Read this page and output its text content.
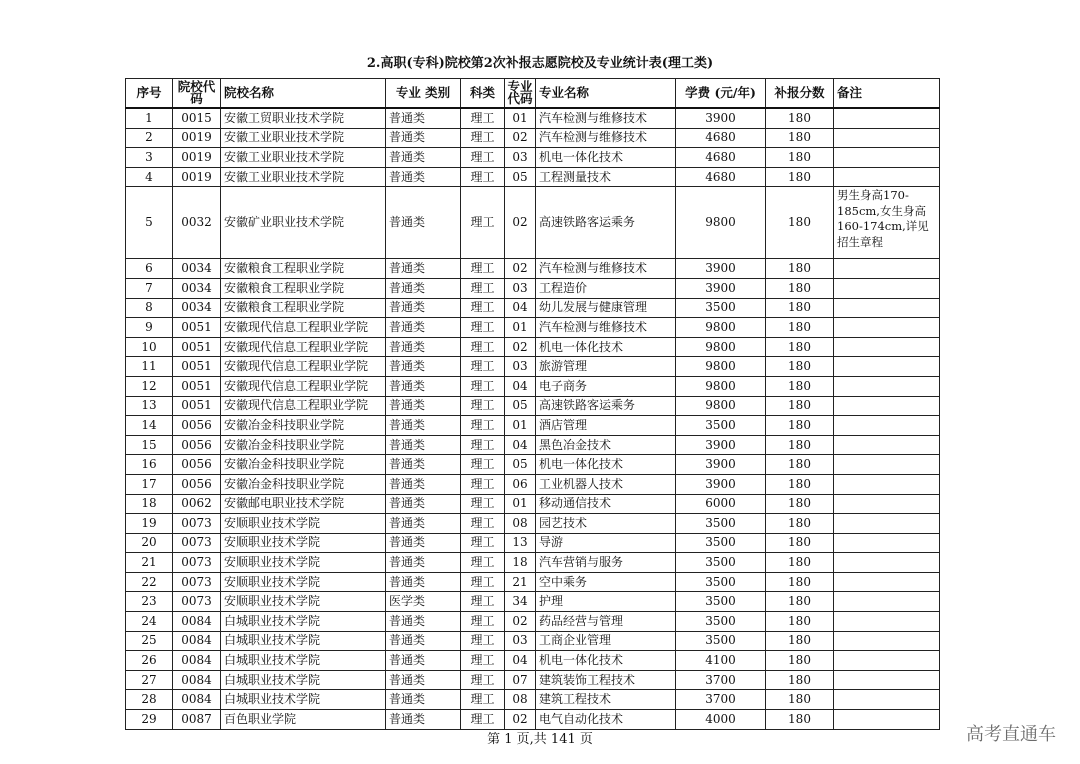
2.高职(专科)院校第2次补报志愿院校及专业统计表(理工类)
序号	院校代码	院校名称	专业 类别	科类	专业代码	专业名称	学费 (元/年)	补报分数	备注
1	0015	安徽工贸职业技术学院	普通类	理工	01	汽车检测与维修技术	3900	180	
2	0019	安徽工业职业技术学院	普通类	理工	02	汽车检测与维修技术	4680	180	
3	0019	安徽工业职业技术学院	普通类	理工	03	机电一体化技术	4680	180	
4	0019	安徽工业职业技术学院	普通类	理工	05	工程测量技术	4680	180	
5	0032	安徽矿业职业技术学院	普通类	理工	02	高速铁路客运乘务	9800	180	男生身高170-185cm,女生身高160-174cm,详见招生章程
6	0034	安徽粮食工程职业学院	普通类	理工	02	汽车检测与维修技术	3900	180	
7	0034	安徽粮食工程职业学院	普通类	理工	03	工程造价	3900	180	
8	0034	安徽粮食工程职业学院	普通类	理工	04	幼儿发展与健康管理	3500	180	
9	0051	安徽现代信息工程职业学院	普通类	理工	01	汽车检测与维修技术	9800	180	
10	0051	安徽现代信息工程职业学院	普通类	理工	02	机电一体化技术	9800	180	
11	0051	安徽现代信息工程职业学院	普通类	理工	03	旅游管理	9800	180	
12	0051	安徽现代信息工程职业学院	普通类	理工	04	电子商务	9800	180	
13	0051	安徽现代信息工程职业学院	普通类	理工	05	高速铁路客运乘务	9800	180	
14	0056	安徽冶金科技职业学院	普通类	理工	01	酒店管理	3500	180	
15	0056	安徽冶金科技职业学院	普通类	理工	04	黑色冶金技术	3900	180	
16	0056	安徽冶金科技职业学院	普通类	理工	05	机电一体化技术	3900	180	
17	0056	安徽冶金科技职业学院	普通类	理工	06	工业机器人技术	3900	180	
18	0062	安徽邮电职业技术学院	普通类	理工	01	移动通信技术	6000	180	
19	0073	安顺职业技术学院	普通类	理工	08	园艺技术	3500	180	
20	0073	安顺职业技术学院	普通类	理工	13	导游	3500	180	
21	0073	安顺职业技术学院	普通类	理工	18	汽车营销与服务	3500	180	
22	0073	安顺职业技术学院	普通类	理工	21	空中乘务	3500	180	
23	0073	安顺职业技术学院	医学类	理工	34	护理	3500	180	
24	0084	白城职业技术学院	普通类	理工	02	药品经营与管理	3500	180	
25	0084	白城职业技术学院	普通类	理工	03	工商企业管理	3500	180	
26	0084	白城职业技术学院	普通类	理工	04	机电一体化技术	4100	180	
27	0084	白城职业技术学院	普通类	理工	07	建筑装饰工程技术	3700	180	
28	0084	白城职业技术学院	普通类	理工	08	建筑工程技术	3700	180	
29	0087	百色职业学院	普通类	理工	02	电气自动化技术	4000	180	
第 1 页,共 141 页	高考直通车
